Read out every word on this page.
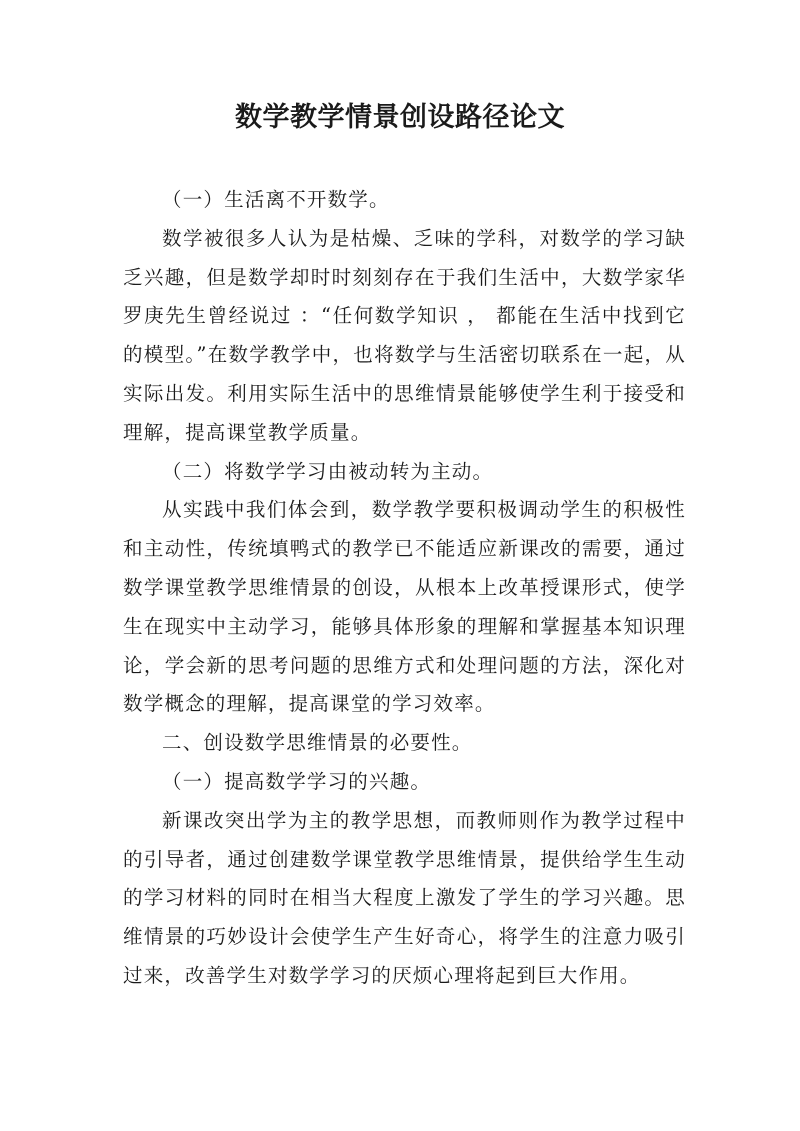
数学教学情景创设路径论文

（一）生活离不开数学。

数学被很多人认为是枯燥、乏味的学科，对数学的学习缺乏兴趣，但是数学却时时刻刻存在于我们生活中，大数学家华罗庚先生曾经说过 ：“任何数学知识 ， 都能在生活中找到它的模型。”在数学教学中，也将数学与生活密切联系在一起，从实际出发。利用实际生活中的思维情景能够使学生利于接受和理解，提高课堂教学质量。

（二）将数学学习由被动转为主动。

从实践中我们体会到，数学教学要积极调动学生的积极性和主动性，传统填鸭式的教学已不能适应新课改的需要，通过数学课堂教学思维情景的创设，从根本上改革授课形式，使学生在现实中主动学习，能够具体形象的理解和掌握基本知识理论，学会新的思考问题的思维方式和处理问题的方法，深化对数学概念的理解，提高课堂的学习效率。

二、创设数学思维情景的必要性。

（一）提高数学学习的兴趣。

新课改突出学为主的教学思想，而教师则作为教学过程中的引导者，通过创建数学课堂教学思维情景，提供给学生生动的学习材料的同时在相当大程度上激发了学生的学习兴趣。思维情景的巧妙设计会使学生产生好奇心，将学生的注意力吸引过来，改善学生对数学学习的厌烦心理将起到巨大作用。
